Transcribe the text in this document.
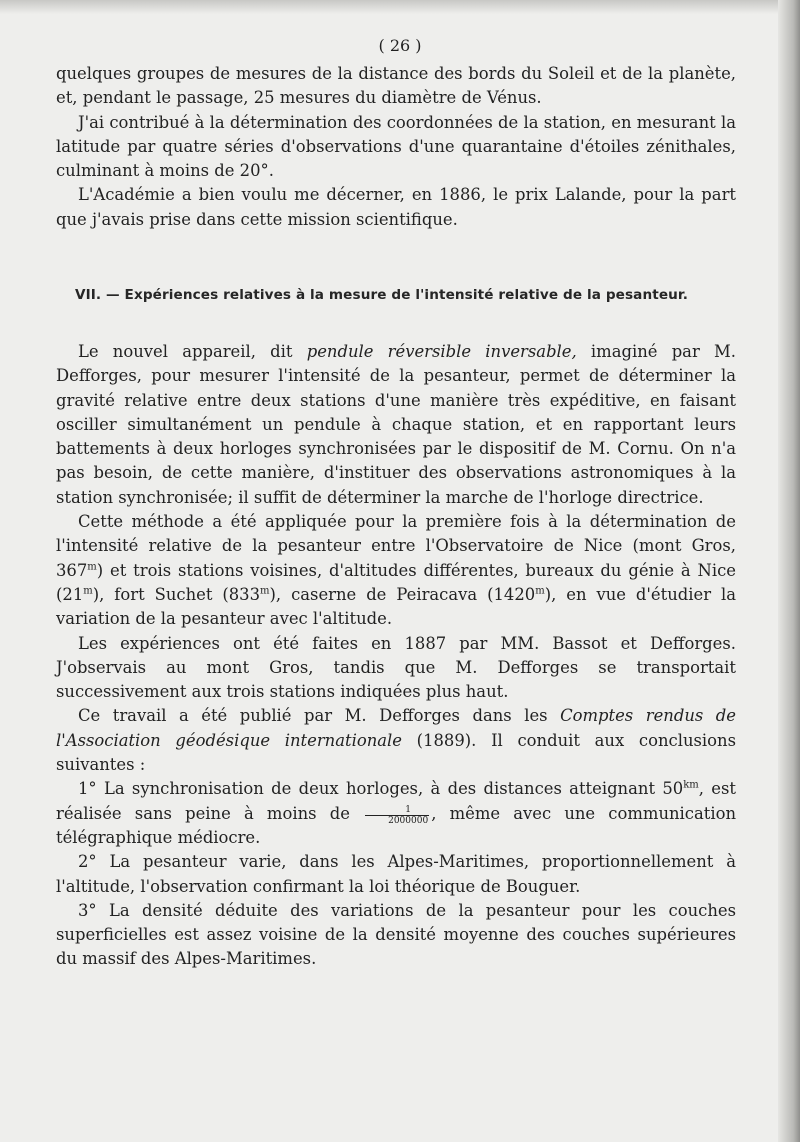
( 26 )

quelques groupes de mesures de la distance des bords du Soleil et de la planète, et, pendant le passage, 25 mesures du diamètre de Vénus.

J'ai contribué à la détermination des coordonnées de la station, en mesurant la latitude par quatre séries d'observations d'une quarantaine d'étoiles zénithales, culminant à moins de 20°.

L'Académie a bien voulu me décerner, en 1886, le prix Lalande, pour la part que j'avais prise dans cette mission scientifique.

VII. — Expériences relatives à la mesure de l'intensité relative de la pesanteur.

Le nouvel appareil, dit pendule réversible inversable, imaginé par M. Defforges, pour mesurer l'intensité de la pesanteur, permet de déterminer la gravité relative entre deux stations d'une manière très expéditive, en faisant osciller simultanément un pendule à chaque station, et en rapportant leurs battements à deux horloges synchronisées par le dispositif de M. Cornu. On n'a pas besoin, de cette manière, d'instituer des observations astronomiques à la station synchronisée; il suffit de déterminer la marche de l'horloge directrice.

Cette méthode a été appliquée pour la première fois à la détermination de l'intensité relative de la pesanteur entre l'Observatoire de Nice (mont Gros, 367$^m$) et trois stations voisines, d'altitudes différentes, bureaux du génie à Nice (21$^m$), fort Suchet (833$^m$), caserne de Peiracava (1420$^m$), en vue d'étudier la variation de la pesanteur avec l'altitude.

Les expériences ont été faites en 1887 par MM. Bassot et Defforges. J'observais au mont Gros, tandis que M. Defforges se transportait successivement aux trois stations indiquées plus haut.

Ce travail a été publié par M. Defforges dans les Comptes rendus de l'Association géodésique internationale (1889). Il conduit aux conclusions suivantes :

1° La synchronisation de deux horloges, à des distances atteignant $50^{km}$, est réalisée sans peine à moins de $\frac{1}{2000000}$ , même avec une communication télégraphique médiocre.

2° La pesanteur varie, dans les Alpes-Maritimes, proportionnellement à l'altitude, l'observation confirmant la loi théorique de Bouguer.

3° La densité déduite des variations de la pesanteur pour les couches superficielles est assez voisine de la densité moyenne des couches supérieures du massif des Alpes-Maritimes.
